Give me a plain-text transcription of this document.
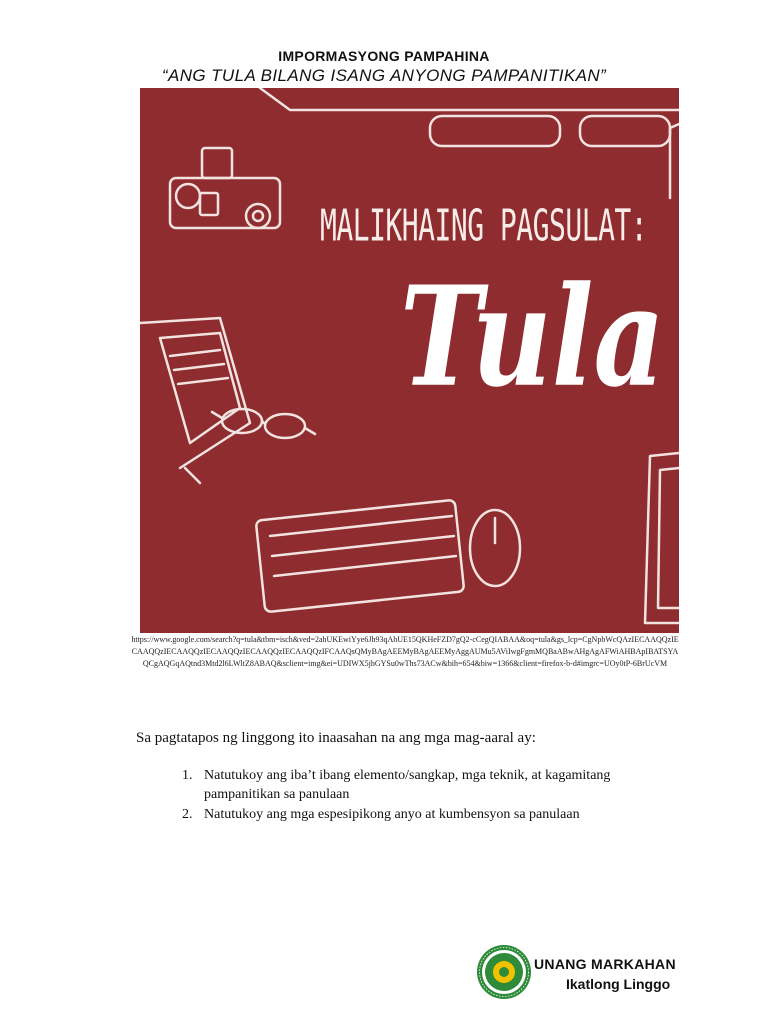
IMPORMASYONG PAMPAHINA
“ANG TULA BILANG ISANG ANYONG PAMPANITIKAN”
MALIKHAING PAGSULAT:
Tula
https://www.google.com/search?q=tula&tbm=isch&ved=2ahUKEwiYye6Jh93qAhUE15QKHeFZD7gQ2-cCegQIABAA&oq=tula&gs_lcp=CgNpbWcQAzIECAAQQzIECAAQQzIECAAQQzIECAAQQzIECAAQQzIECAAQQzIFCAAQsQMyBAgAEEMyBAgAEEMyAggAUMu5AViIwgFgmMQBaABwAHgAgAFWiAHBApIBATSYAQCgAQGqAQtnd3Mtd2l6LWltZ8ABAQ&sclient=img&ei=UDIWX5jhGYSu0wThs73ACw&bih=654&biw=1366&client=firefox-b-d#imgrc=UOy0tP-6BrUcVM
Sa pagtatapos ng linggong ito inaasahan na ang mga mag-aaral ay:
1. Natutukoy ang iba’t ibang elemento/sangkap, mga teknik, at kagamitang pampanitikan sa panulaan
2. Natutukoy ang mga espesipikong anyo at kumbensyon sa panulaan
UNANG MARKAHAN
Ikatlong Linggo
